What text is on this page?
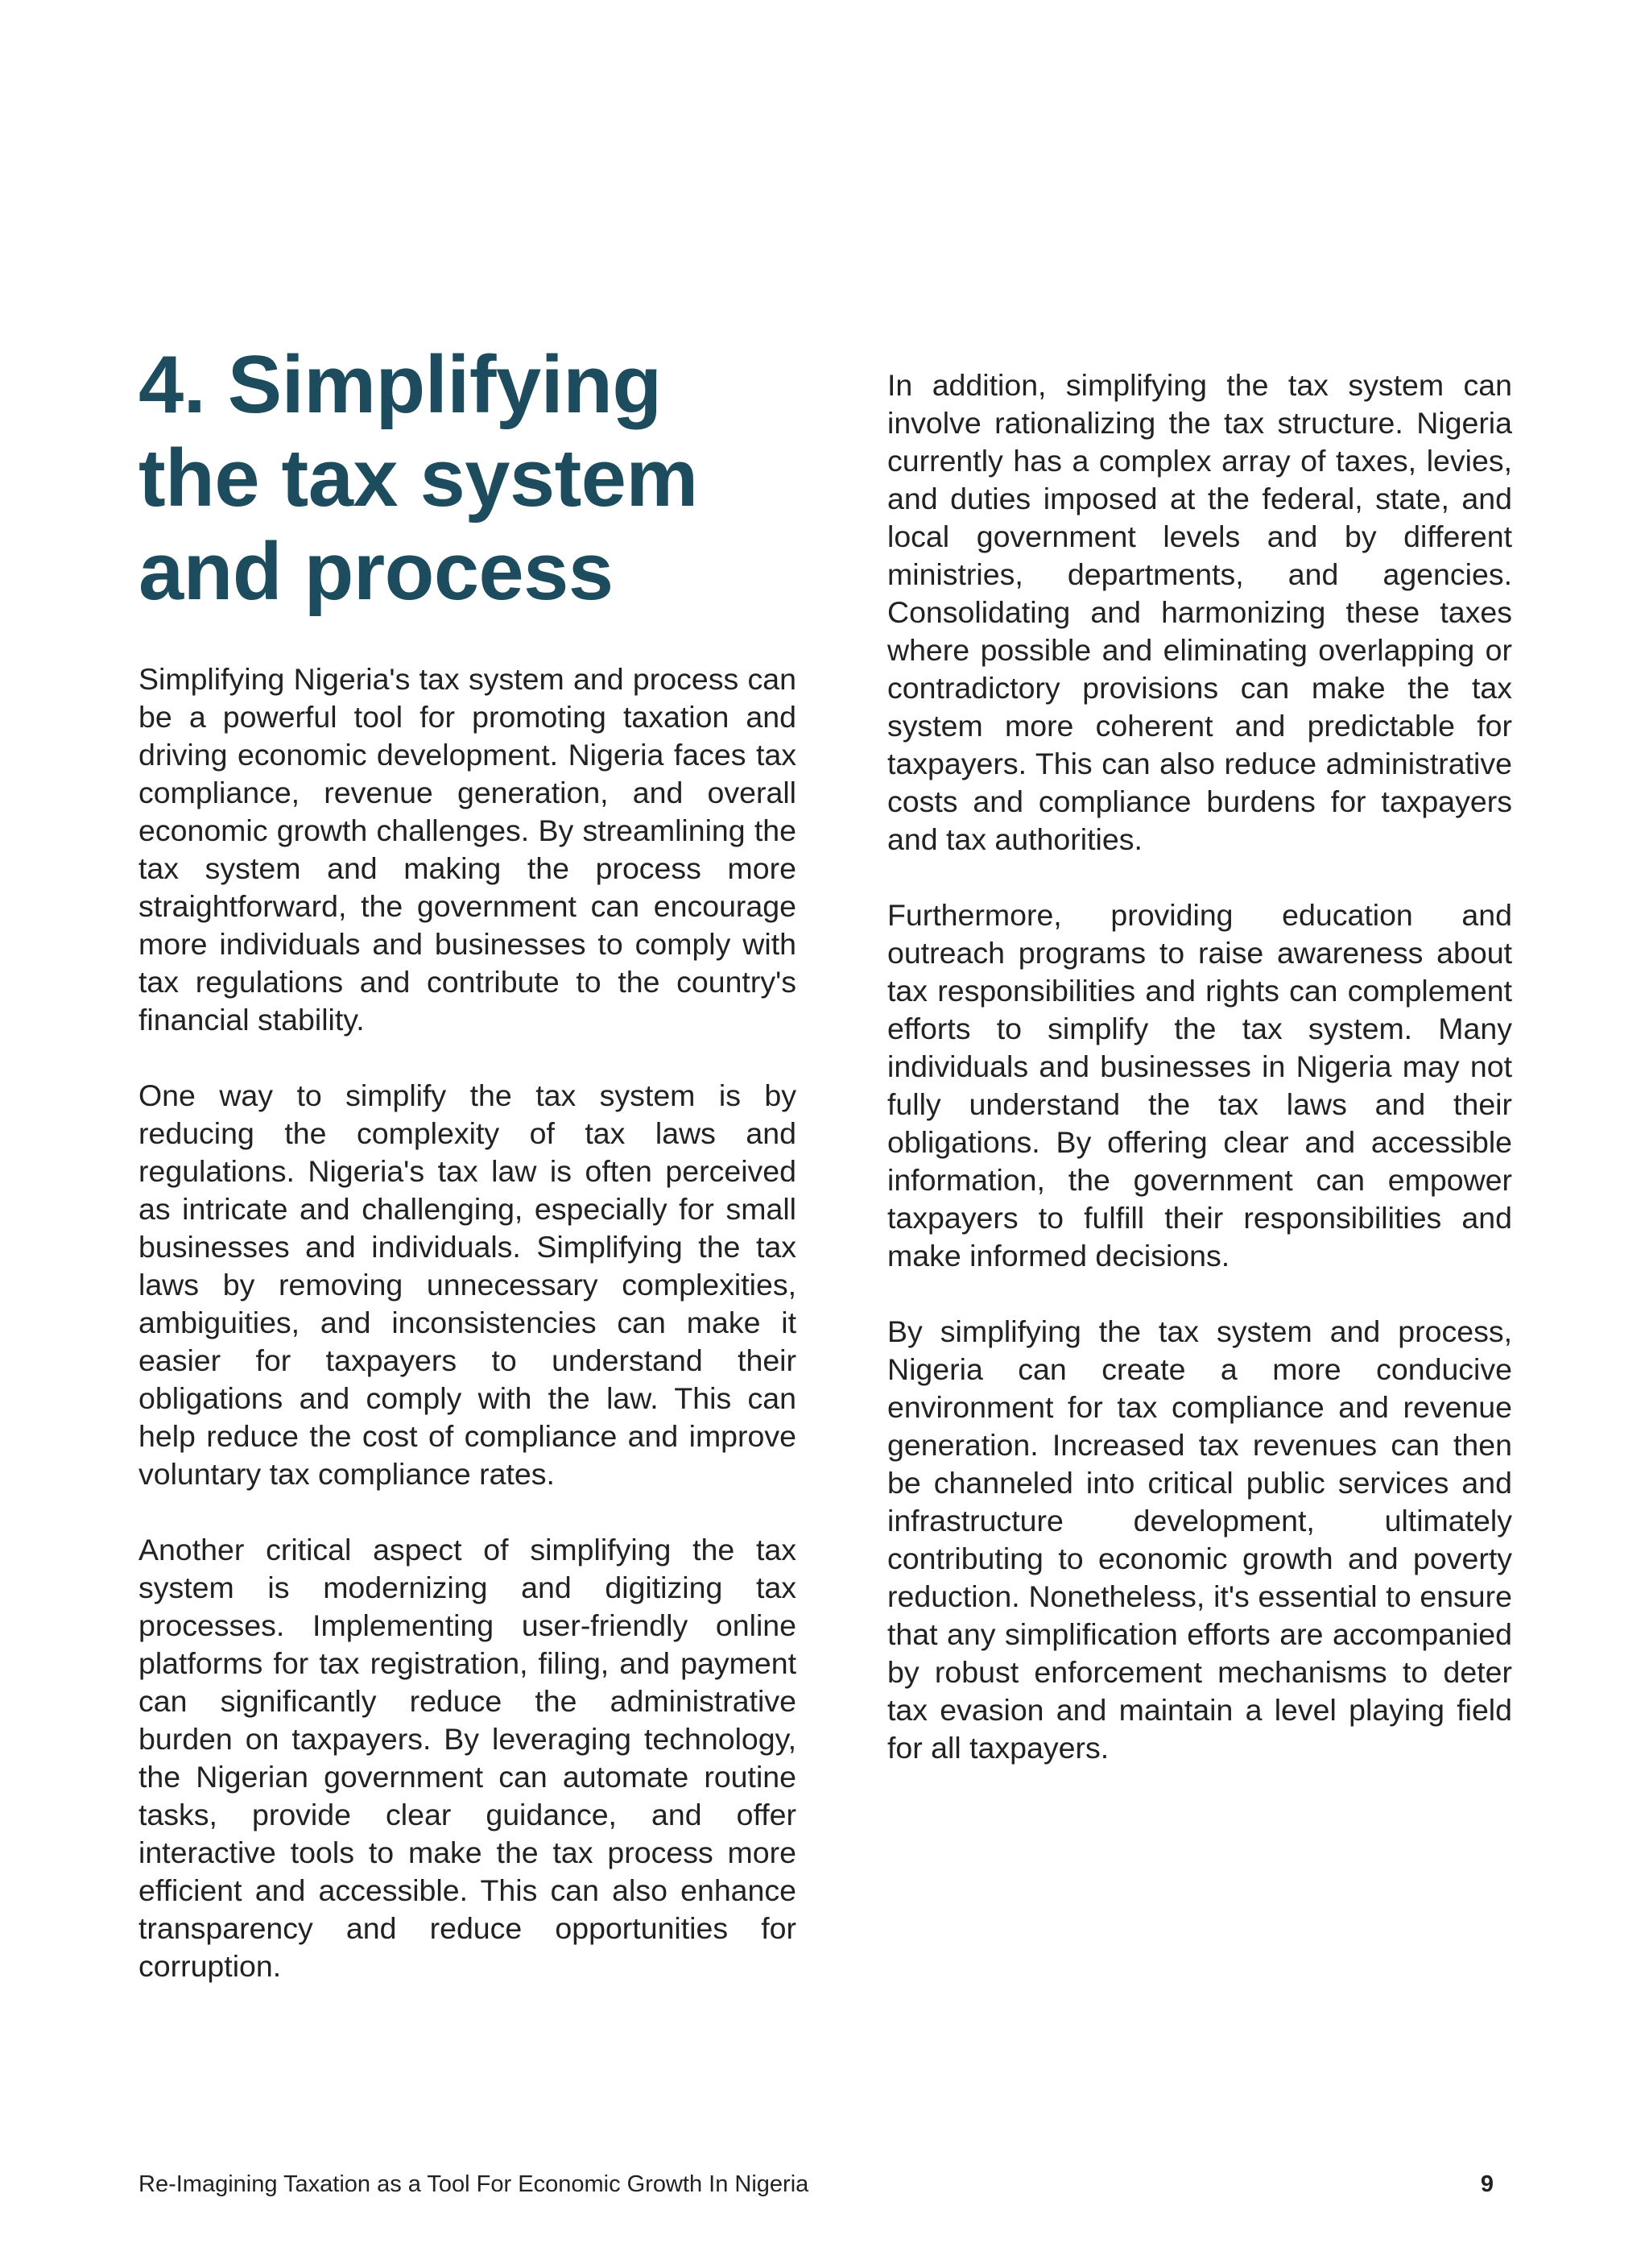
4. Simplifying the tax system and process

Simplifying Nigeria's tax system and process can be a powerful tool for promoting taxation and driving economic development. Nigeria faces tax compliance, revenue generation, and overall economic growth challenges. By streamlining the tax system and making the process more straightforward, the government can encourage more individuals and businesses to comply with tax regulations and contribute to the country's financial stability.

One way to simplify the tax system is by reducing the complexity of tax laws and regulations. Nigeria's tax law is often perceived as intricate and challenging, especially for small businesses and individuals. Simplifying the tax laws by removing unnecessary complexities, ambiguities, and inconsistencies can make it easier for taxpayers to understand their obligations and comply with the law. This can help reduce the cost of compliance and improve voluntary tax compliance rates.

Another critical aspect of simplifying the tax system is modernizing and digitizing tax processes. Implementing user-friendly online platforms for tax registration, filing, and payment can significantly reduce the administrative burden on taxpayers. By leveraging technology, the Nigerian government can automate routine tasks, provide clear guidance, and offer interactive tools to make the tax process more efficient and accessible. This can also enhance transparency and reduce opportunities for corruption.

In addition, simplifying the tax system can involve rationalizing the tax structure. Nigeria currently has a complex array of taxes, levies, and duties imposed at the federal, state, and local government levels and by different ministries, departments, and agencies. Consolidating and harmonizing these taxes where possible and eliminating overlapping or contradictory provisions can make the tax system more coherent and predictable for taxpayers. This can also reduce administrative costs and compliance burdens for taxpayers and tax authorities.

Furthermore, providing education and outreach programs to raise awareness about tax responsibilities and rights can complement efforts to simplify the tax system. Many individuals and businesses in Nigeria may not fully understand the tax laws and their obligations. By offering clear and accessible information, the government can empower taxpayers to fulfill their responsibilities and make informed decisions.

By simplifying the tax system and process, Nigeria can create a more conducive environment for tax compliance and revenue generation. Increased tax revenues can then be channeled into critical public services and infrastructure development, ultimately contributing to economic growth and poverty reduction. Nonetheless, it's essential to ensure that any simplification efforts are accompanied by robust enforcement mechanisms to deter tax evasion and maintain a level playing field for all taxpayers.

Re-Imagining Taxation as a Tool For Economic Growth In Nigeria	9
